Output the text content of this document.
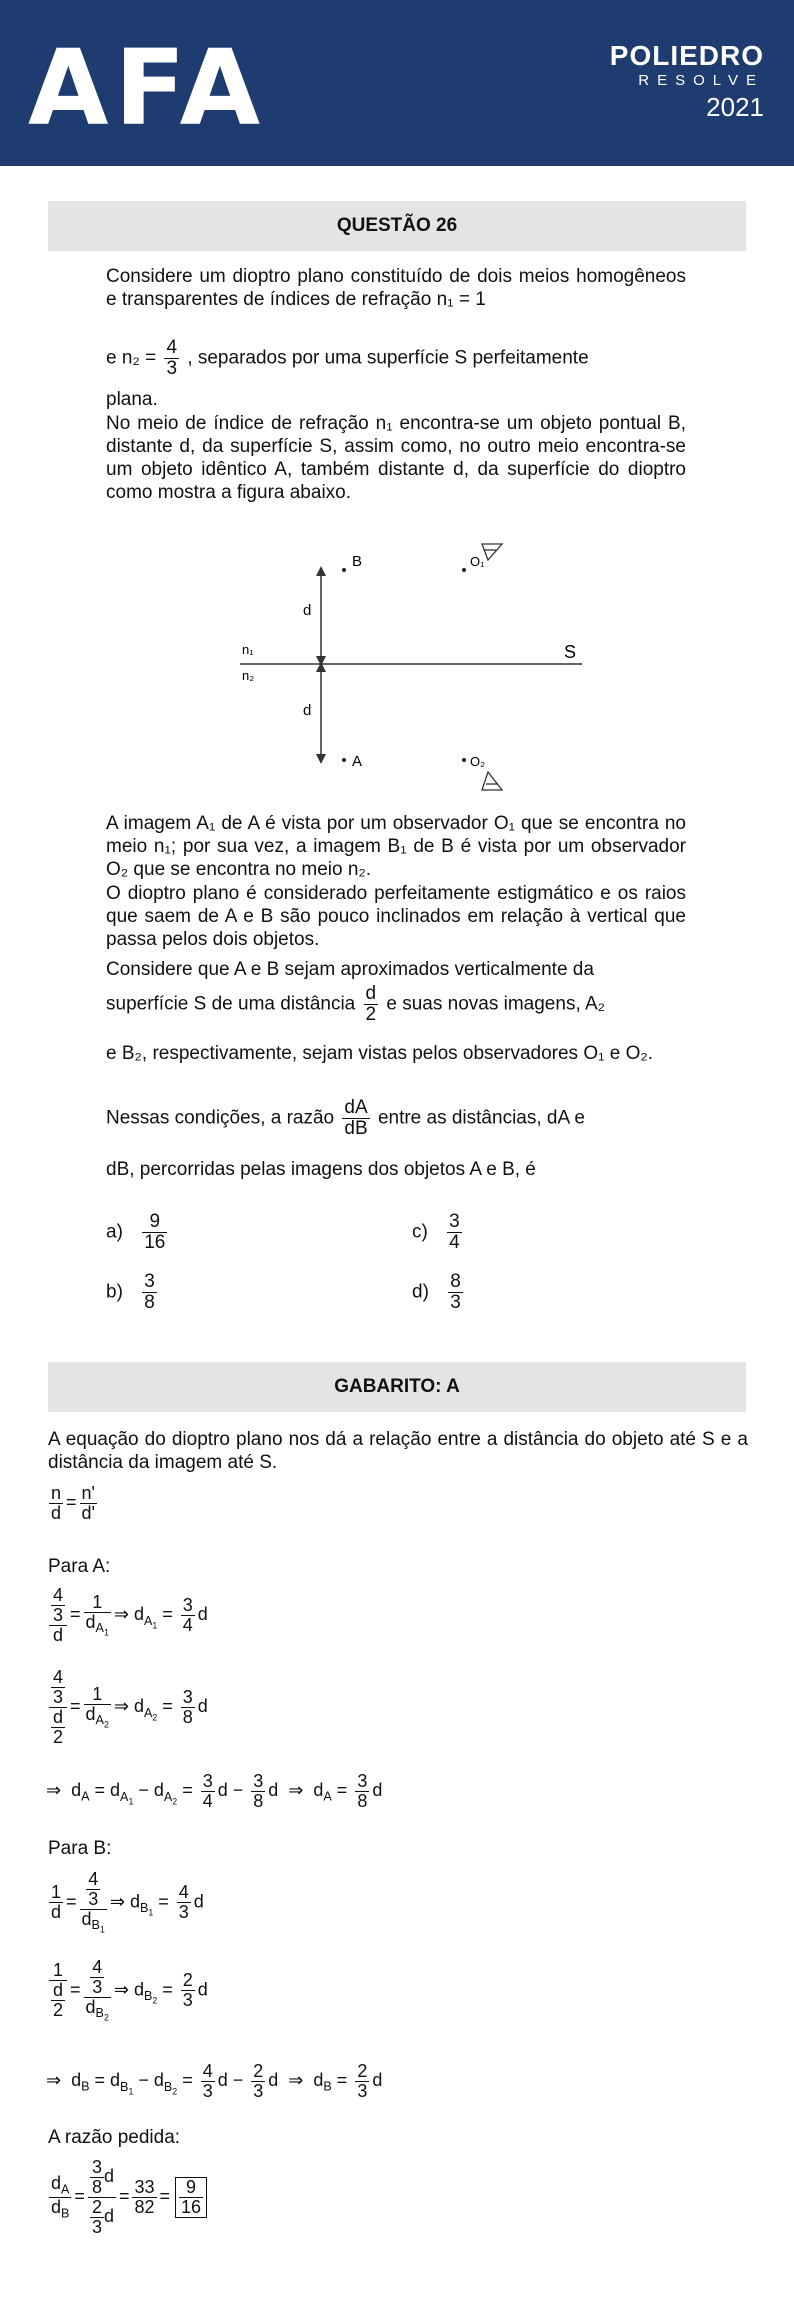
AFA	POLIEDRO
RESOLVE
2021
QUESTÃO 26
Considere um dioptro plano constituído de dois meios homogêneos e transparentes de índices de refração n₁ = 1
e $n_2 = \frac{4}{3}$ , separados por uma superfície S perfeitamente
plana.
No meio de índice de refração n₁ encontra-se um objeto pontual B, distante d, da superfície S, assim como, no outro meio encontra-se um objeto idêntico A, também distante d, da superfície do dioptro como mostra a figura abaixo.
B
A
O₁
O₂
S
n₁
n₂
d
d
A imagem A₁ de A é vista por um observador O₁ que se encontra no meio n₁; por sua vez, a imagem B₁ de B é vista por um observador O₂ que se encontra no meio n₂.
O dioptro plano é considerado perfeitamente estigmático e os raios que saem de A e B são pouco inclinados em relação à vertical que passa pelos dois objetos.
Considere que A e B sejam aproximados verticalmente da
superfície S de uma distância $\frac{d}{2}$ e suas novas imagens, A₂
e B₂, respectivamente, sejam vistas pelos observadores O₁ e O₂.
Nessas condições, a razão $\frac{dA}{dB}$ entre as distâncias, dA e
dB, percorridas pelas imagens dos objetos A e B, é
$a) \frac{9}{16}$	$c) \frac{3}{4}$
$b) \frac{3}{8}$	$d) \frac{8}{3}$
GABARITO: A
A equação do dioptro plano nos dá a relação entre a distância do objeto até S e a distância da imagem até S.
$\frac{n}{d} = \frac{n'}{d'}$
Para A:
$\frac{\frac{4}{3}}{d} = \frac{1}{d_{A_1}}$ ⇒ $d_{A_1} = \frac{3}{4}$ d
$\frac{\frac{4}{3}}{\frac{d}{2}} = \frac{1}{d_{A_2}}$ ⇒ $d_{A_2} = \frac{3}{8}$ d
⇒  $d_A = d_{A_1} - d_{A_2} = \frac{3}{4}$ $d - \frac{3}{8}$ d  ⇒  $d_A = \frac{3}{8}$ d
Para B:
$\frac{1}{d} = \frac{\frac{4}{3}}{d_{B_1}}$ ⇒ $d_{B_1} = \frac{4}{3}$ d
$\frac{1}{\frac{d}{2}} = \frac{\frac{4}{3}}{d_{B_2}}$ ⇒ $d_{B_2} = \frac{2}{3}$ d
⇒  $d_B = d_{B_1} - d_{B_2} = \frac{4}{3}$ $d - \frac{2}{3}$ d  ⇒  $d_B = \frac{2}{3}$ d
A razão pedida:
$\frac{d_A}{d_B} = \frac{\frac{3}{8} d}{\frac{2}{3} d} = \frac{33}{82} = \frac{9}{16}$
